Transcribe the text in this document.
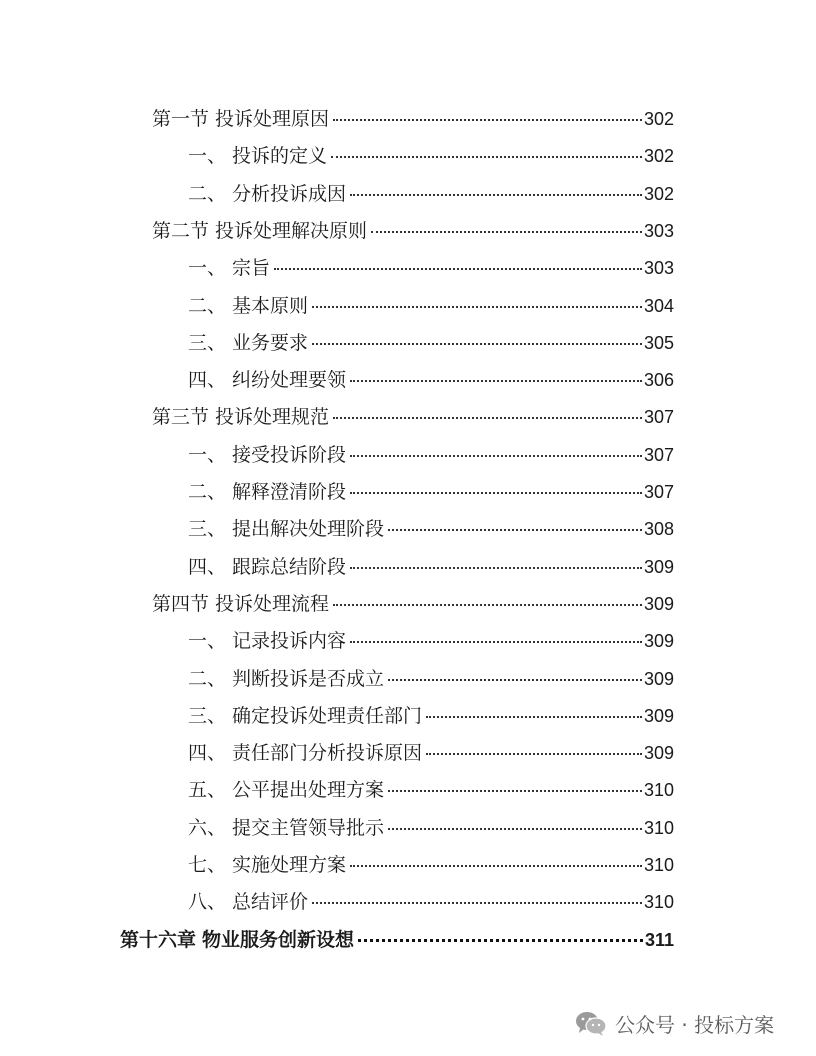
第一节 投诉处理原因	302
一、 投诉的定义	302
二、 分析投诉成因	302
第二节 投诉处理解决原则	303
一、 宗旨	303
二、 基本原则	304
三、 业务要求	305
四、 纠纷处理要领	306
第三节 投诉处理规范	307
一、 接受投诉阶段	307
二、 解释澄清阶段	307
三、 提出解决处理阶段	308
四、 跟踪总结阶段	309
第四节 投诉处理流程	309
一、 记录投诉内容	309
二、 判断投诉是否成立	309
三、 确定投诉处理责任部门	309
四、 责任部门分析投诉原因	309
五、 公平提出处理方案	310
六、 提交主管领导批示	310
七、 实施处理方案	310
八、 总结评价	310
第十六章 物业服务创新设想	311
公众号 · 投标方案
